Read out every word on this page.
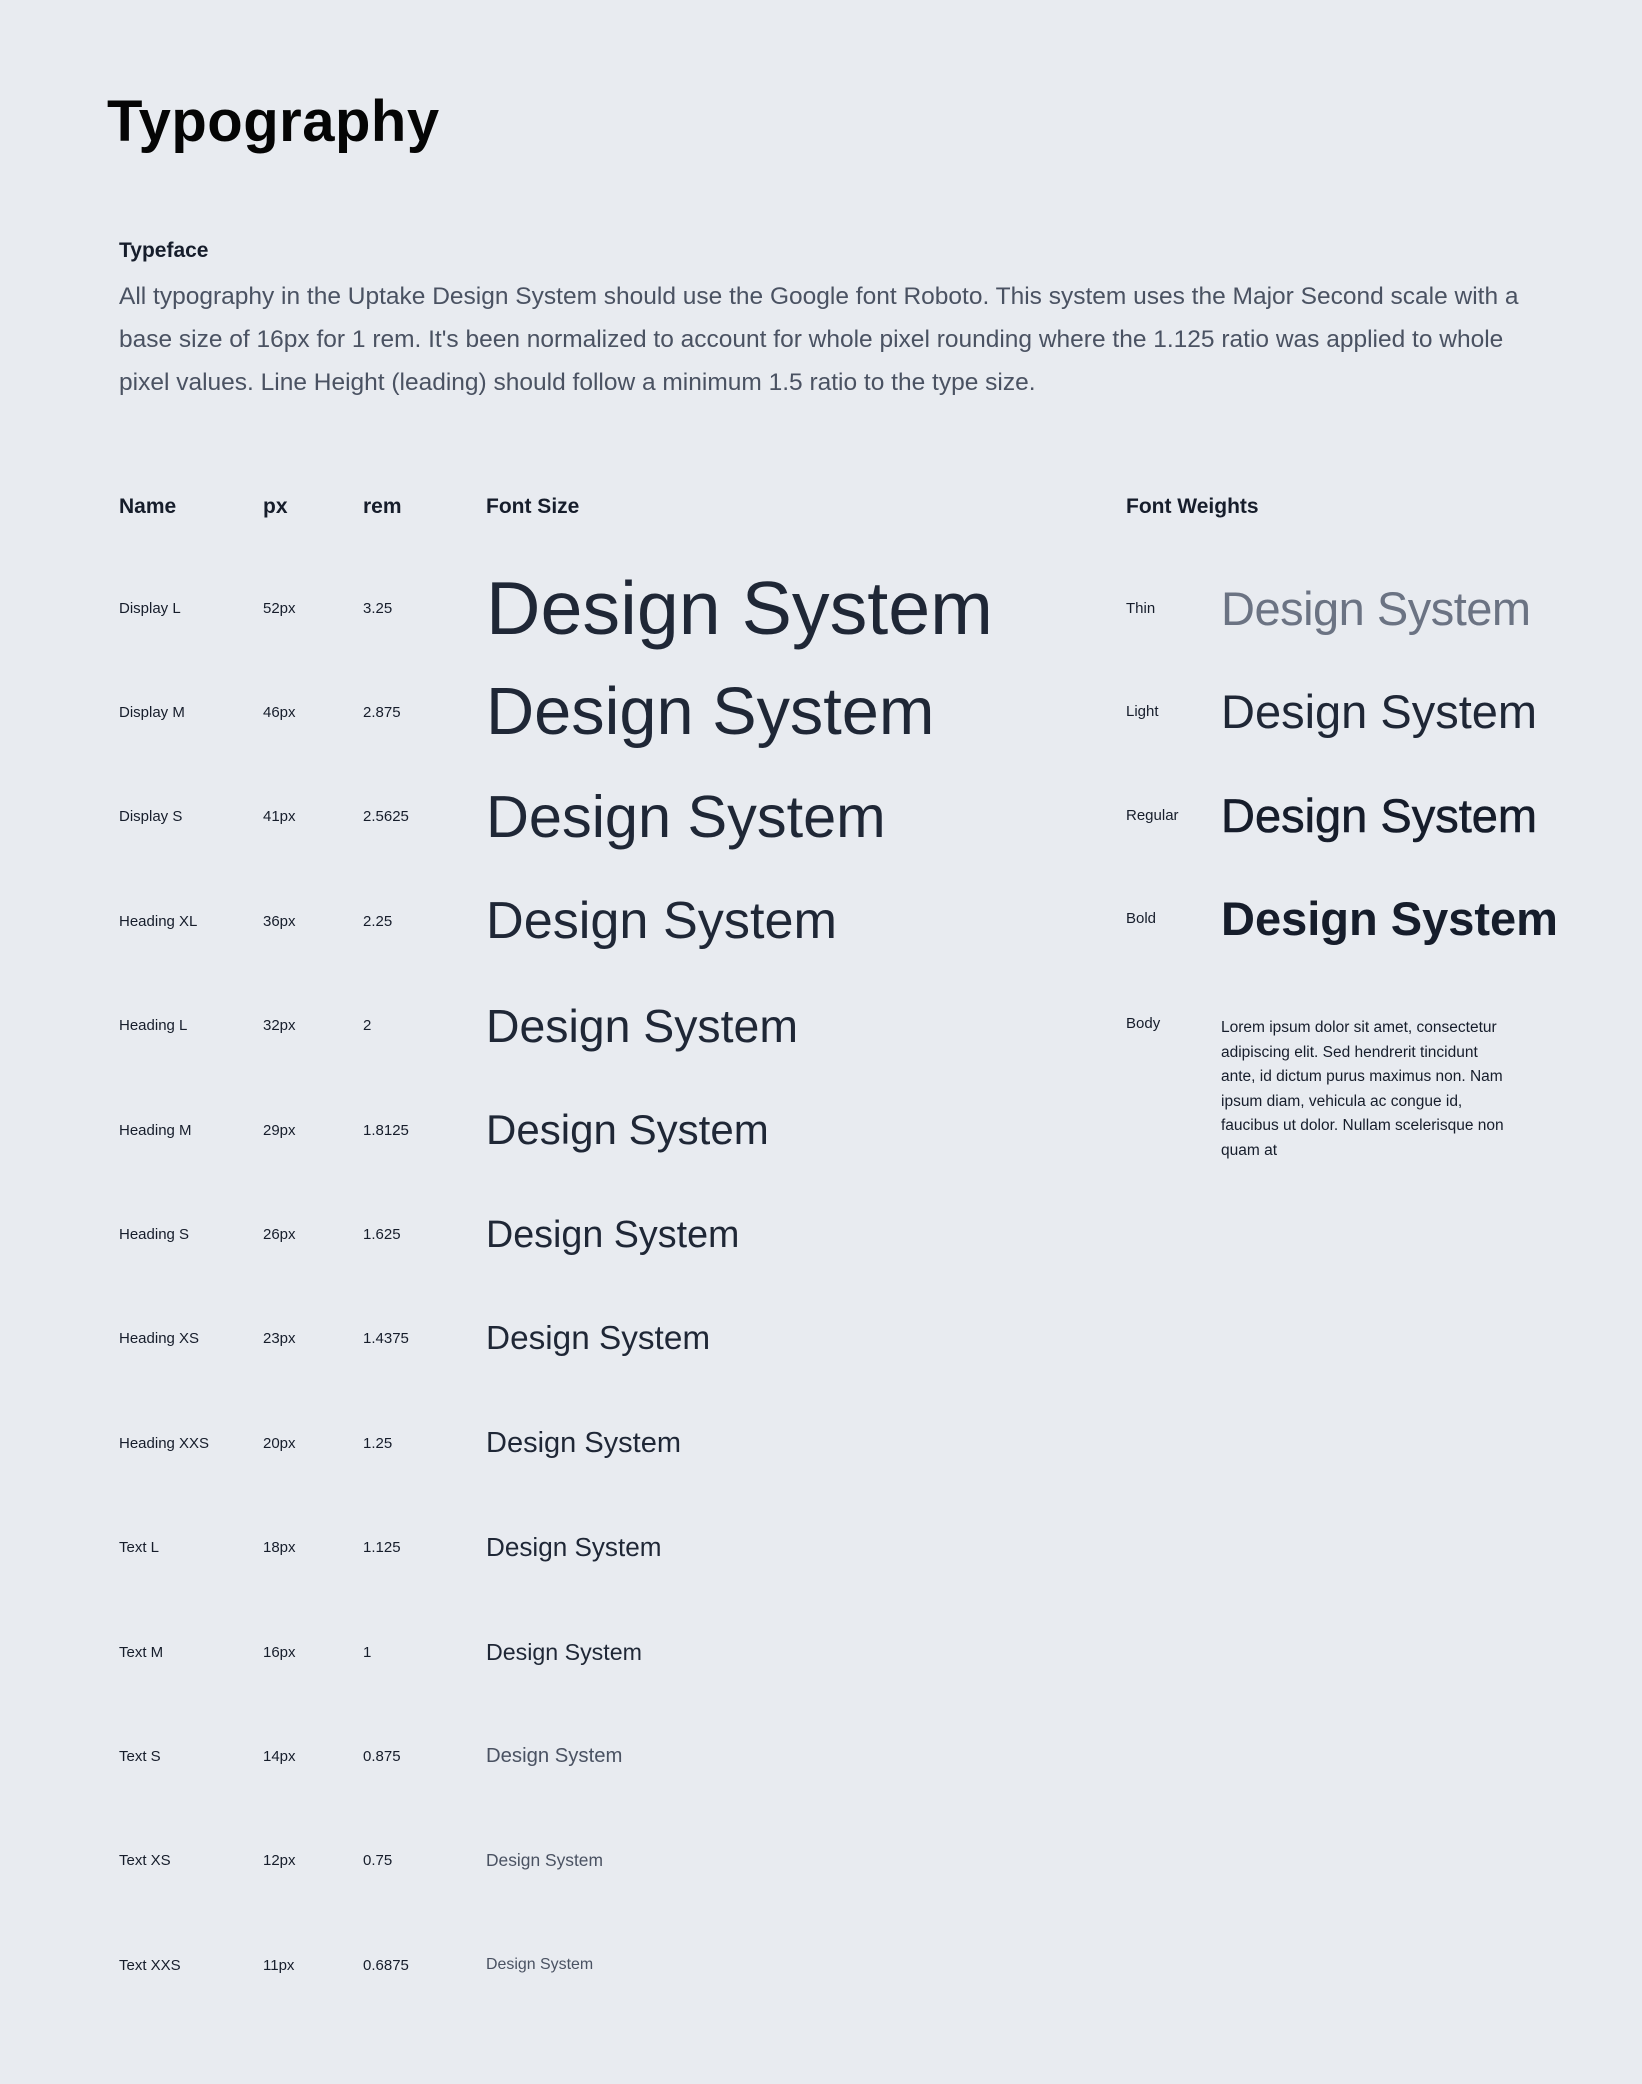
Typography
Typeface

All typography in the Uptake Design System should use the Google font Roboto. This system uses the Major Second scale with a base size of 16px for 1 rem. It's been normalized to account for whole pixel rounding where the 1.125 ratio was applied to whole pixel values. Line Height (leading) should follow a minimum 1.5 ratio to the type size.

Name	px	rem	Font Size	Font Weights
Display L	52px	3.25 Design System
Display M	46px	2.875 Design System
Display S	41px	2.5625 Design System
Heading XL	36px	2.25 Design System
Heading L	32px	2 Design System
Heading M	29px	1.8125 Design System
Heading S	26px	1.625 Design System
Heading XS	23px	1.4375 Design System
Heading XXS	20px	1.25	Design System
Text L	18px	1.125	Design System
Text M	16px	1	Design System
Text S	14px	0.875	Design System
Text XS	12px	0.75	Design System
Text XXS	11px	0.6875	Design System
Thin Design System
Light Design System
Regular Design System
Bold Design System
Body	Lorem ipsum dolor sit amet, consectetur adipiscing elit. Sed hendrerit tincidunt ante, id dictum purus maximus non. Nam ipsum diam, vehicula ac congue id, faucibus ut dolor. Nullam scelerisque non quam at
